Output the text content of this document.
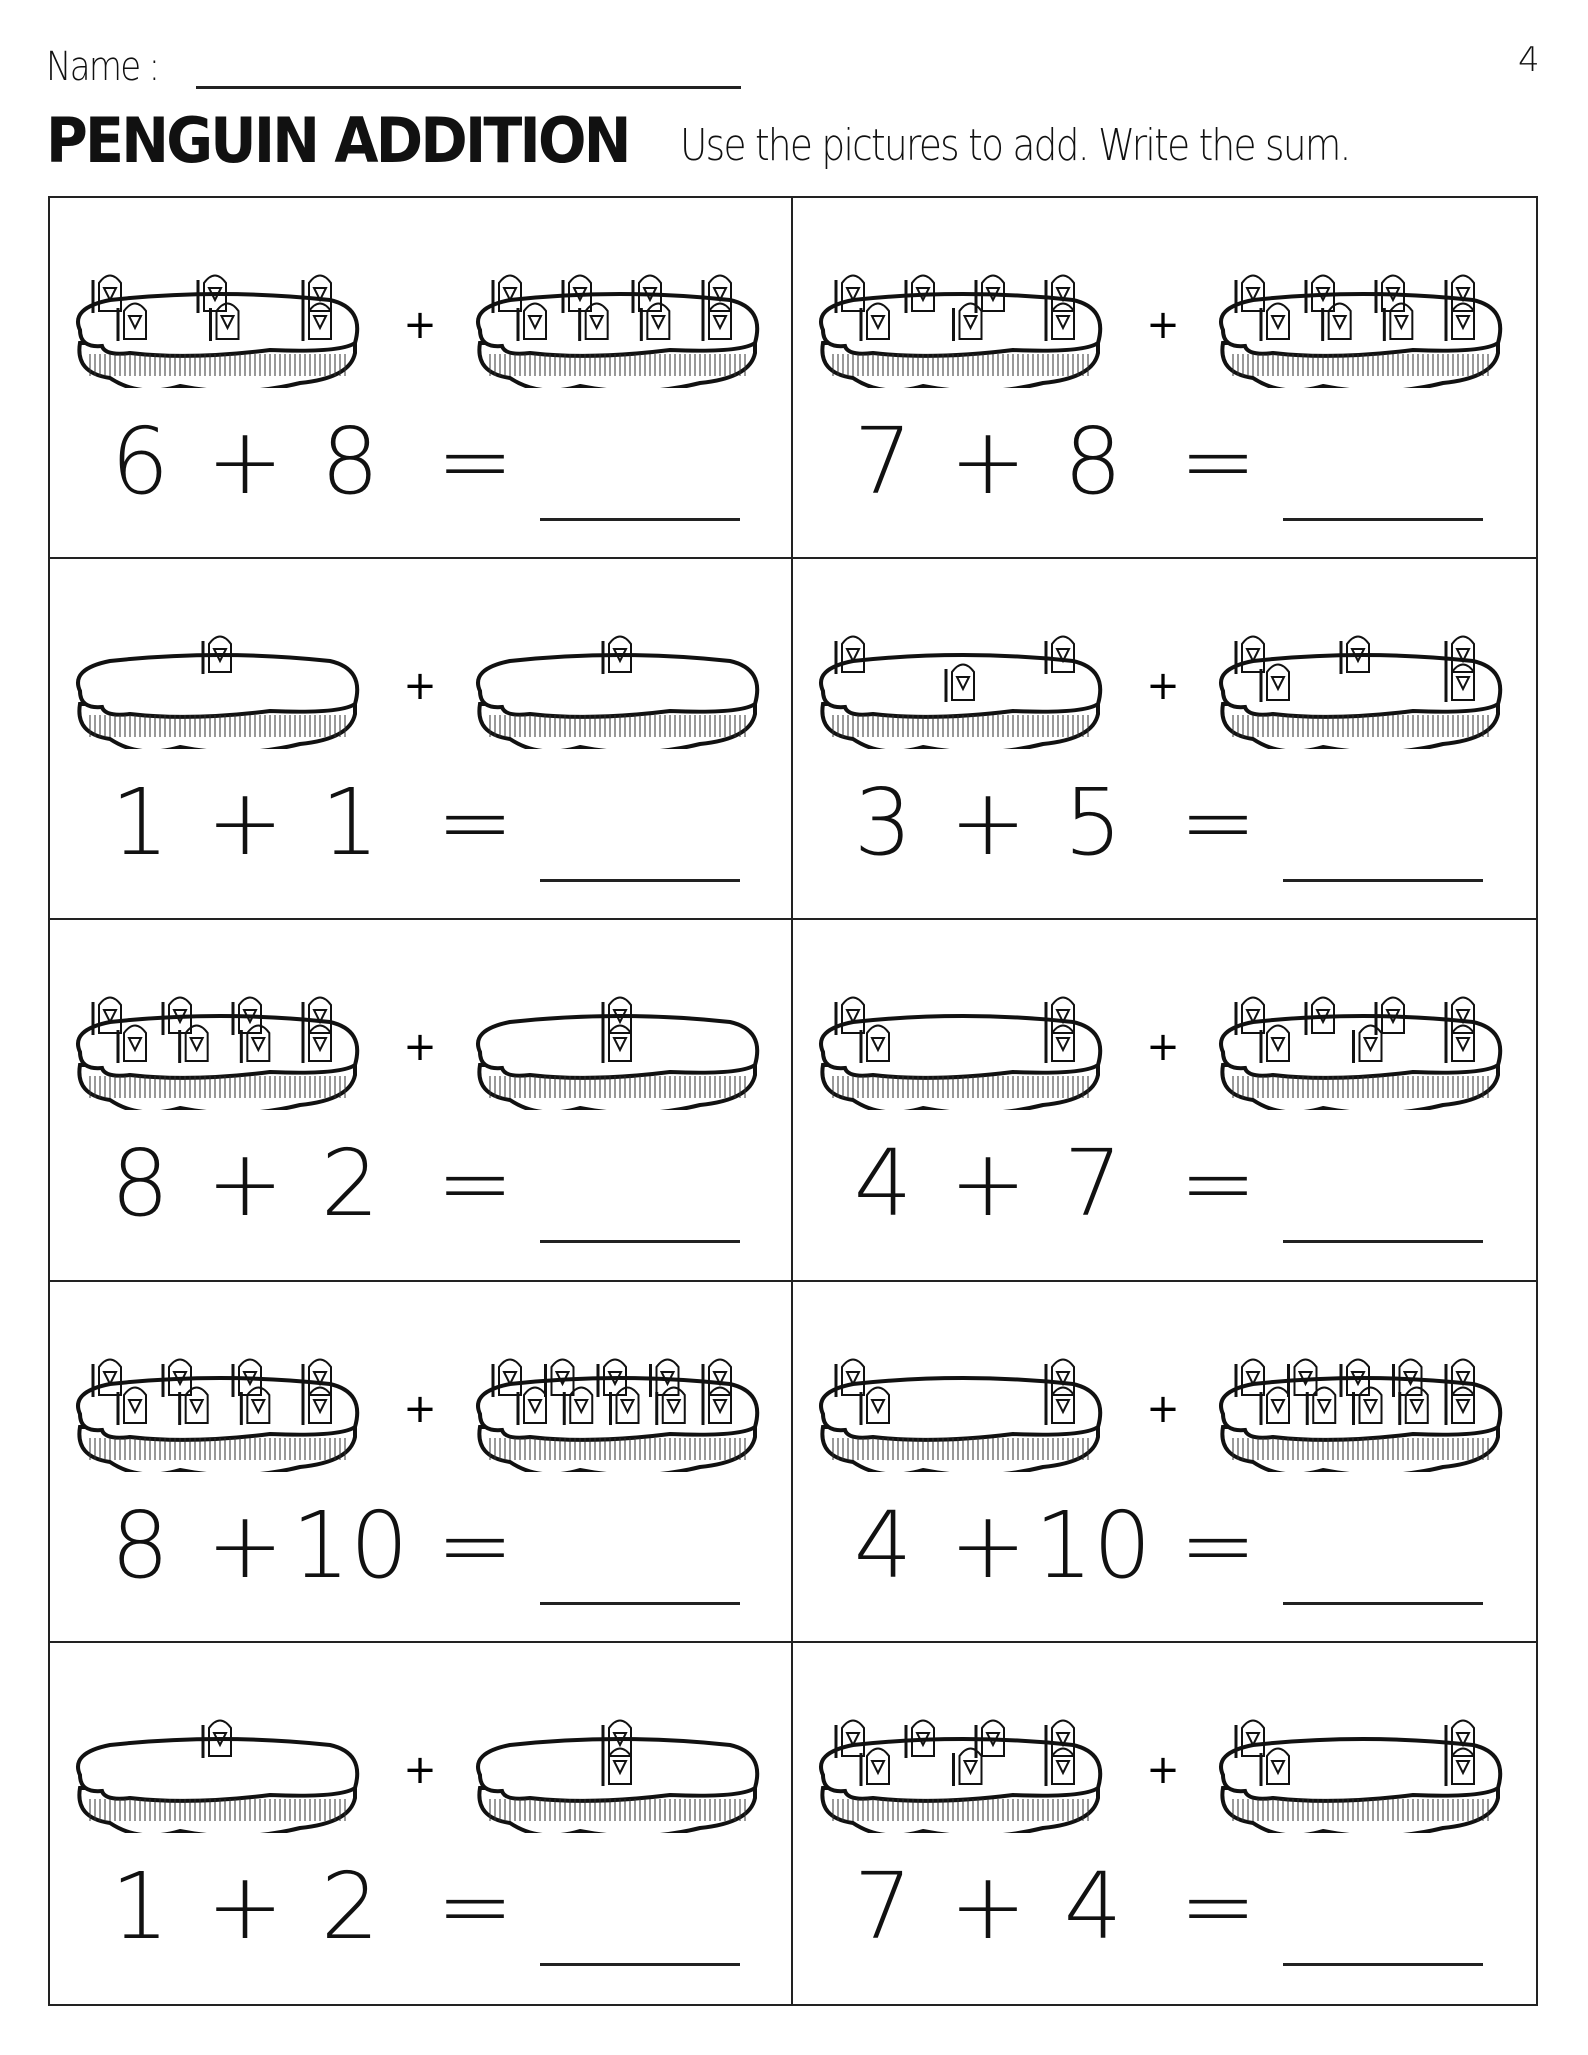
Name :	4
PENGUIN ADDITION Use the pictures to add. Write the sum.
+
6 + 8 =
+
7 + 8 =
+
1 + 1 =
+
3 + 5 =
+
8 + 2 =
+
4 + 7 =
+
8 + 10 =
+
4 + 10 =
+
1 + 2 =
+
7 + 4 =
